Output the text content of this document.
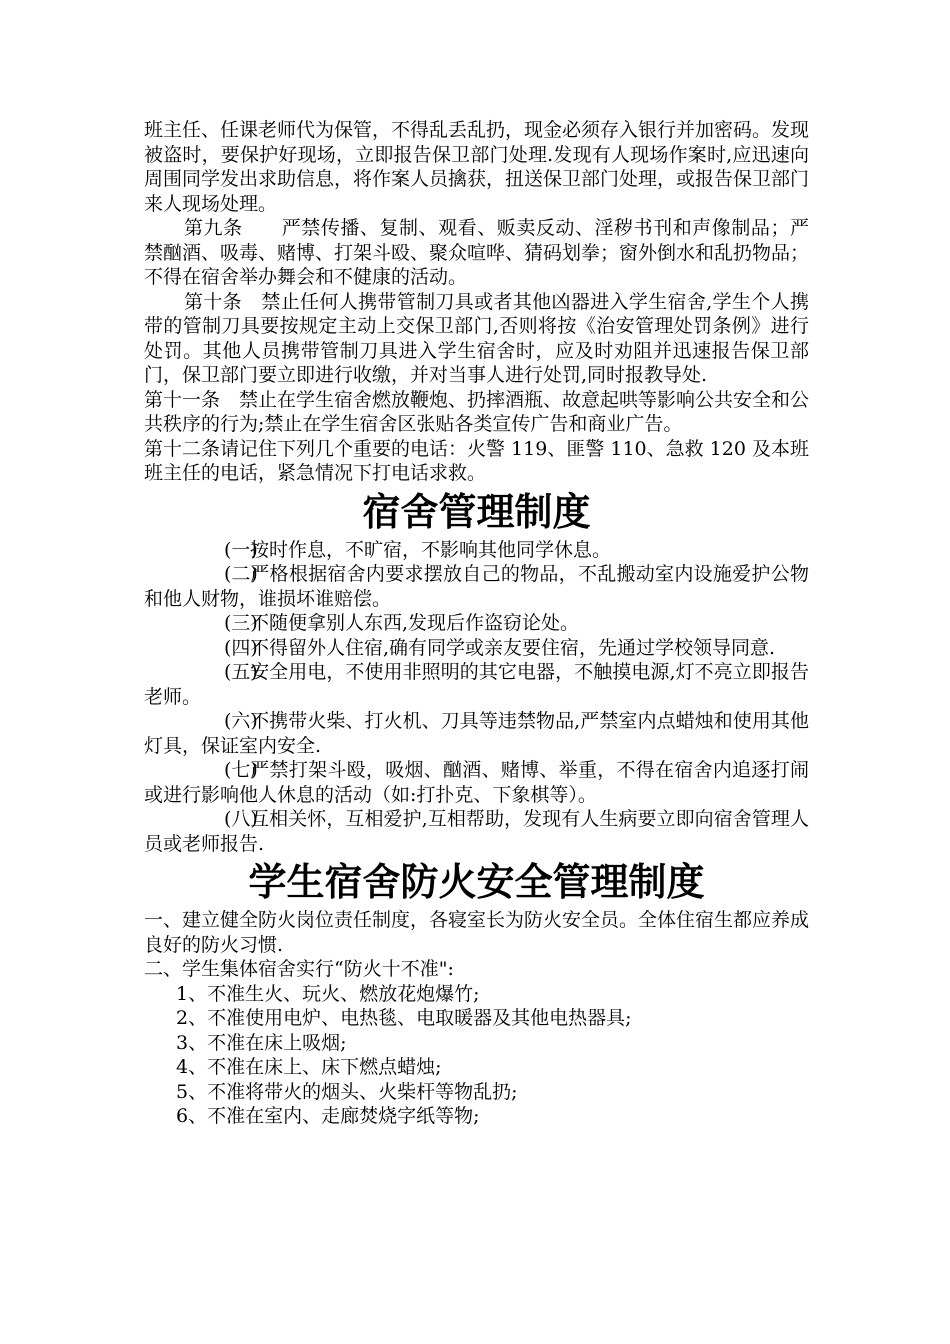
班主任、任课老师代为保管，不得乱丢乱扔，现金必须存入银行并加密码。发现被盗时，要保护好现场，立即报告保卫部门处理.发现有人现场作案时,应迅速向周围同学发出求助信息，将作案人员擒获，扭送保卫部门处理，或报告保卫部门来人现场处理。

第九条　　严禁传播、复制、观看、贩卖反动、淫秽书刊和声像制品；严禁酗酒、吸毒、赌博、打架斗殴、聚众喧哗、猜码划拳；窗外倒水和乱扔物品；不得在宿舍举办舞会和不健康的活动。

第十条　禁止任何人携带管制刀具或者其他凶器进入学生宿舍,学生个人携带的管制刀具要按规定主动上交保卫部门,否则将按《治安管理处罚条例》进行处罚。其他人员携带管制刀具进入学生宿舍时，应及时劝阻并迅速报告保卫部门，保卫部门要立即进行收缴，并对当事人进行处罚,同时报教导处.

第十一条　禁止在学生宿舍燃放鞭炮、扔摔酒瓶、故意起哄等影响公共安全和公共秩序的行为;禁止在学生宿舍区张贴各类宣传广告和商业广告。

第十二条请记住下列几个重要的电话：火警 119、匪警 110、急救 120 及本班班主任的电话，紧急情况下打电话求救。

宿舍管理制度

(一)按时作息，不旷宿，不影响其他同学休息。

(二)严格根据宿舍内要求摆放自己的物品，不乱搬动室内设施爱护公物和他人财物，谁损坏谁赔偿。

(三)不随便拿别人东西,发现后作盗窃论处。

(四)不得留外人住宿,确有同学或亲友要住宿，先通过学校领导同意.

(五)安全用电，不使用非照明的其它电器，不触摸电源,灯不亮立即报告老师。

(六)不携带火柴、打火机、刀具等违禁物品,严禁室内点蜡烛和使用其他灯具，保证室内安全.

(七)严禁打架斗殴，吸烟、酗酒、赌博、举重，不得在宿舍内追逐打闹或进行影响他人休息的活动（如:打扑克、下象棋等）。

(八)互相关怀，互相爱护,互相帮助，发现有人生病要立即向宿舍管理人员或老师报告.

学生宿舍防火安全管理制度

一、建立健全防火岗位责任制度，各寝室长为防火安全员。全体住宿生都应养成良好的防火习惯.

二、学生集体宿舍实行“防火十不准":

1、不准生火、玩火、燃放花炮爆竹;

2、不准使用电炉、电热毯、电取暖器及其他电热器具;

3、不准在床上吸烟;

4、不准在床上、床下燃点蜡烛;

5、不准将带火的烟头、火柴杆等物乱扔;

6、不准在室内、走廊焚烧字纸等物;
